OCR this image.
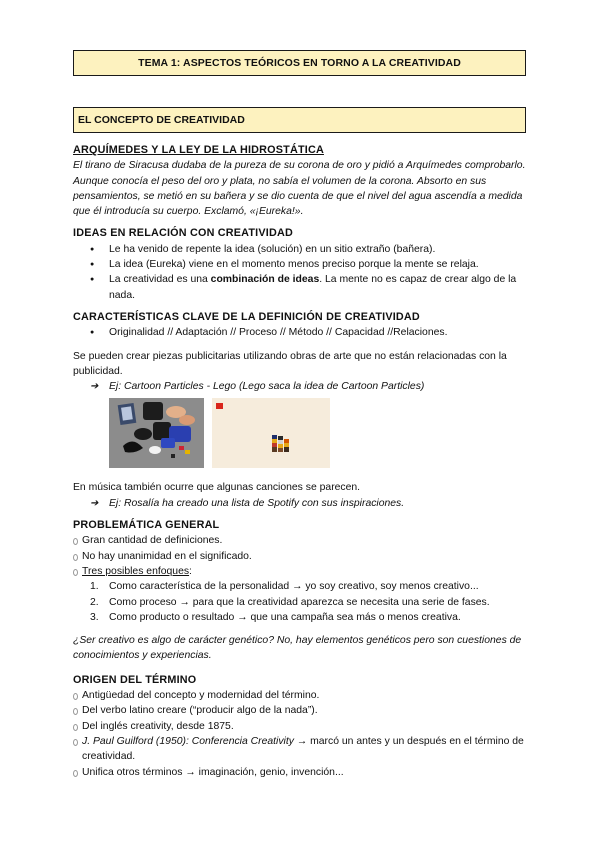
TEMA 1: ASPECTOS TEÓRICOS EN TORNO A LA CREATIVIDAD
EL CONCEPTO DE CREATIVIDAD
ARQUÍMEDES Y LA LEY DE LA HIDROSTÁTICA

El tirano de Siracusa dudaba de la pureza de su corona de oro y pidió a Arquímedes comprobarlo. Aunque conocía el peso del oro y plata, no sabía el volumen de la corona. Absorto en sus pensamientos, se metió en su bañera y se dio cuenta de que el nivel del agua ascendía a medida que él introducía su cuerpo. Exclamó, «¡Eureka!».

IDEAS EN RELACIÓN CON CREATIVIDAD
● Le ha venido de repente la idea (solución) en un sitio extraño (bañera).
● La idea (Eureka) viene en el momento menos preciso porque la mente se relaja.
● La creatividad es una combinación de ideas. La mente no es capaz de crear algo de la nada.
CARACTERÍSTICAS CLAVE DE LA DEFINICIÓN DE CREATIVIDAD
● Originalidad // Adaptación // Proceso // Método // Capacidad //Relaciones.

Se pueden crear piezas publicitarias utilizando obras de arte que no están relacionadas con la publicidad.

➔ Ej: Cartoon Particles - Lego (Lego saca la idea de Cartoon Particles)

En música también ocurre que algunas canciones se parecen.

➔ Ej: Rosalía ha creado una lista de Spotify con sus inspiraciones.
PROBLEMÁTICA GENERAL
Gran cantidad de definiciones.
No hay unanimidad en el significado.
Tres posibles enfoques:
1. Como característica de la personalidad → yo soy creativo, soy menos creativo...
2. Como proceso → para que la creatividad aparezca se necesita una serie de fases.
3. Como producto o resultado → que una campaña sea más o menos creativa.

¿Ser creativo es algo de carácter genético? No, hay elementos genéticos pero son cuestiones de conocimientos y experiencias.

ORIGEN DEL TÉRMINO
Antigüedad del concepto y modernidad del término.
Del verbo latino creare (“producir algo de la nada”).
Del inglés creativity, desde 1875.
J. Paul Guilford (1950): Conferencia Creativity → marcó un antes y un después en el término de creatividad.
Unifica otros términos → imaginación, genio, invención...
